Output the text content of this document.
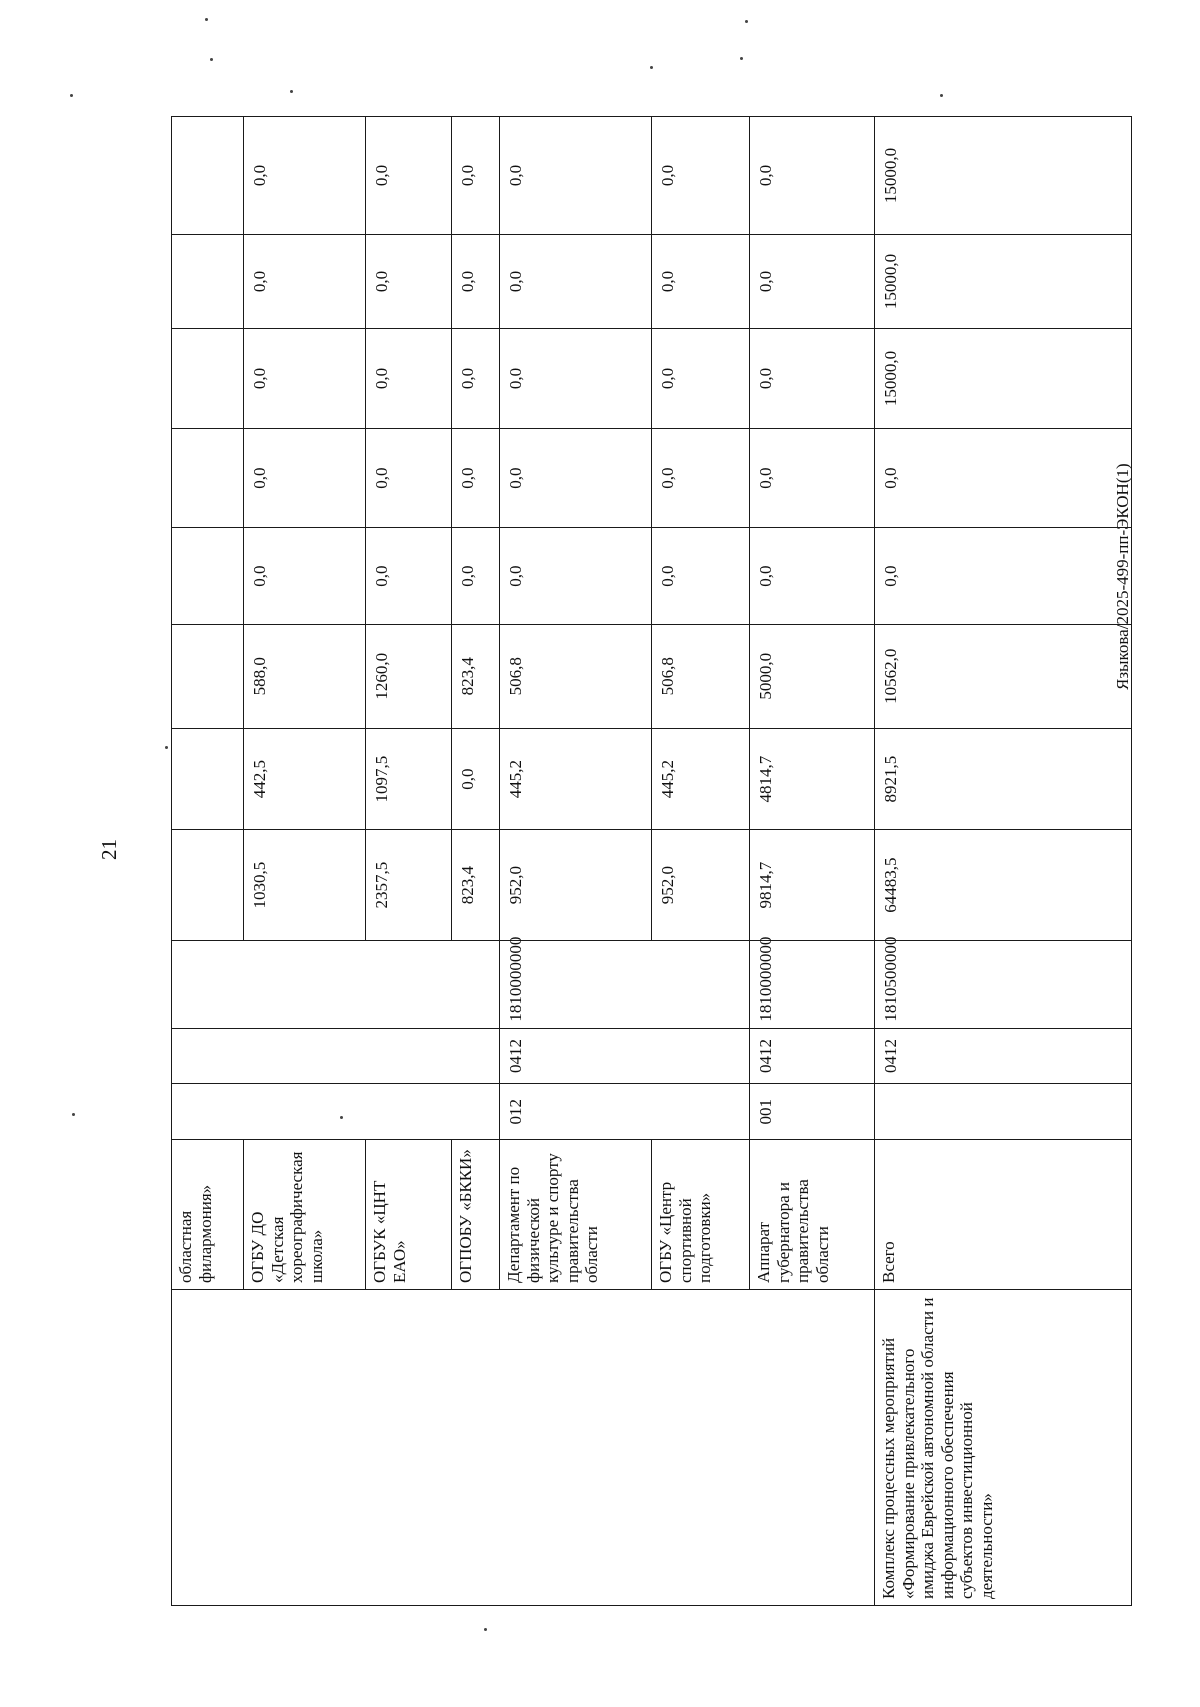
21
Языкова/2025-499-пп-ЭКОН(1)
	областная филармония»											
	ОГБУ ДО «Детская хореографическая школа»				1030,5	442,5	588,0	0,0	0,0	0,0	0,0	0,0
	ОГБУК «ЦНТ ЕАО»				2357,5	1097,5	1260,0	0,0	0,0	0,0	0,0	0,0
	ОГПОБУ «БККИ»				823,4	0,0	823,4	0,0	0,0	0,0	0,0	0,0
	Департамент по физической культуре и спорту правительства области	012	0412	1810000000	952,0	445,2	506,8	0,0	0,0	0,0	0,0	0,0
	ОГБУ «Центр спортивной подготовки»				952,0	445,2	506,8	0,0	0,0	0,0	0,0	0,0
	Аппарат губернатора и правительства области	001	0412	1810000000	9814,7	4814,7	5000,0	0,0	0,0	0,0	0,0	0,0
Комплекс процессных мероприятий «Формирование привлекательного имиджа Еврейской автономной области и информационного обеспечения субъектов инвестиционной деятельности»	Всего		0412	1810500000	64483,5	8921,5	10562,0	0,0	0,0	15000,0	15000,0	15000,0
